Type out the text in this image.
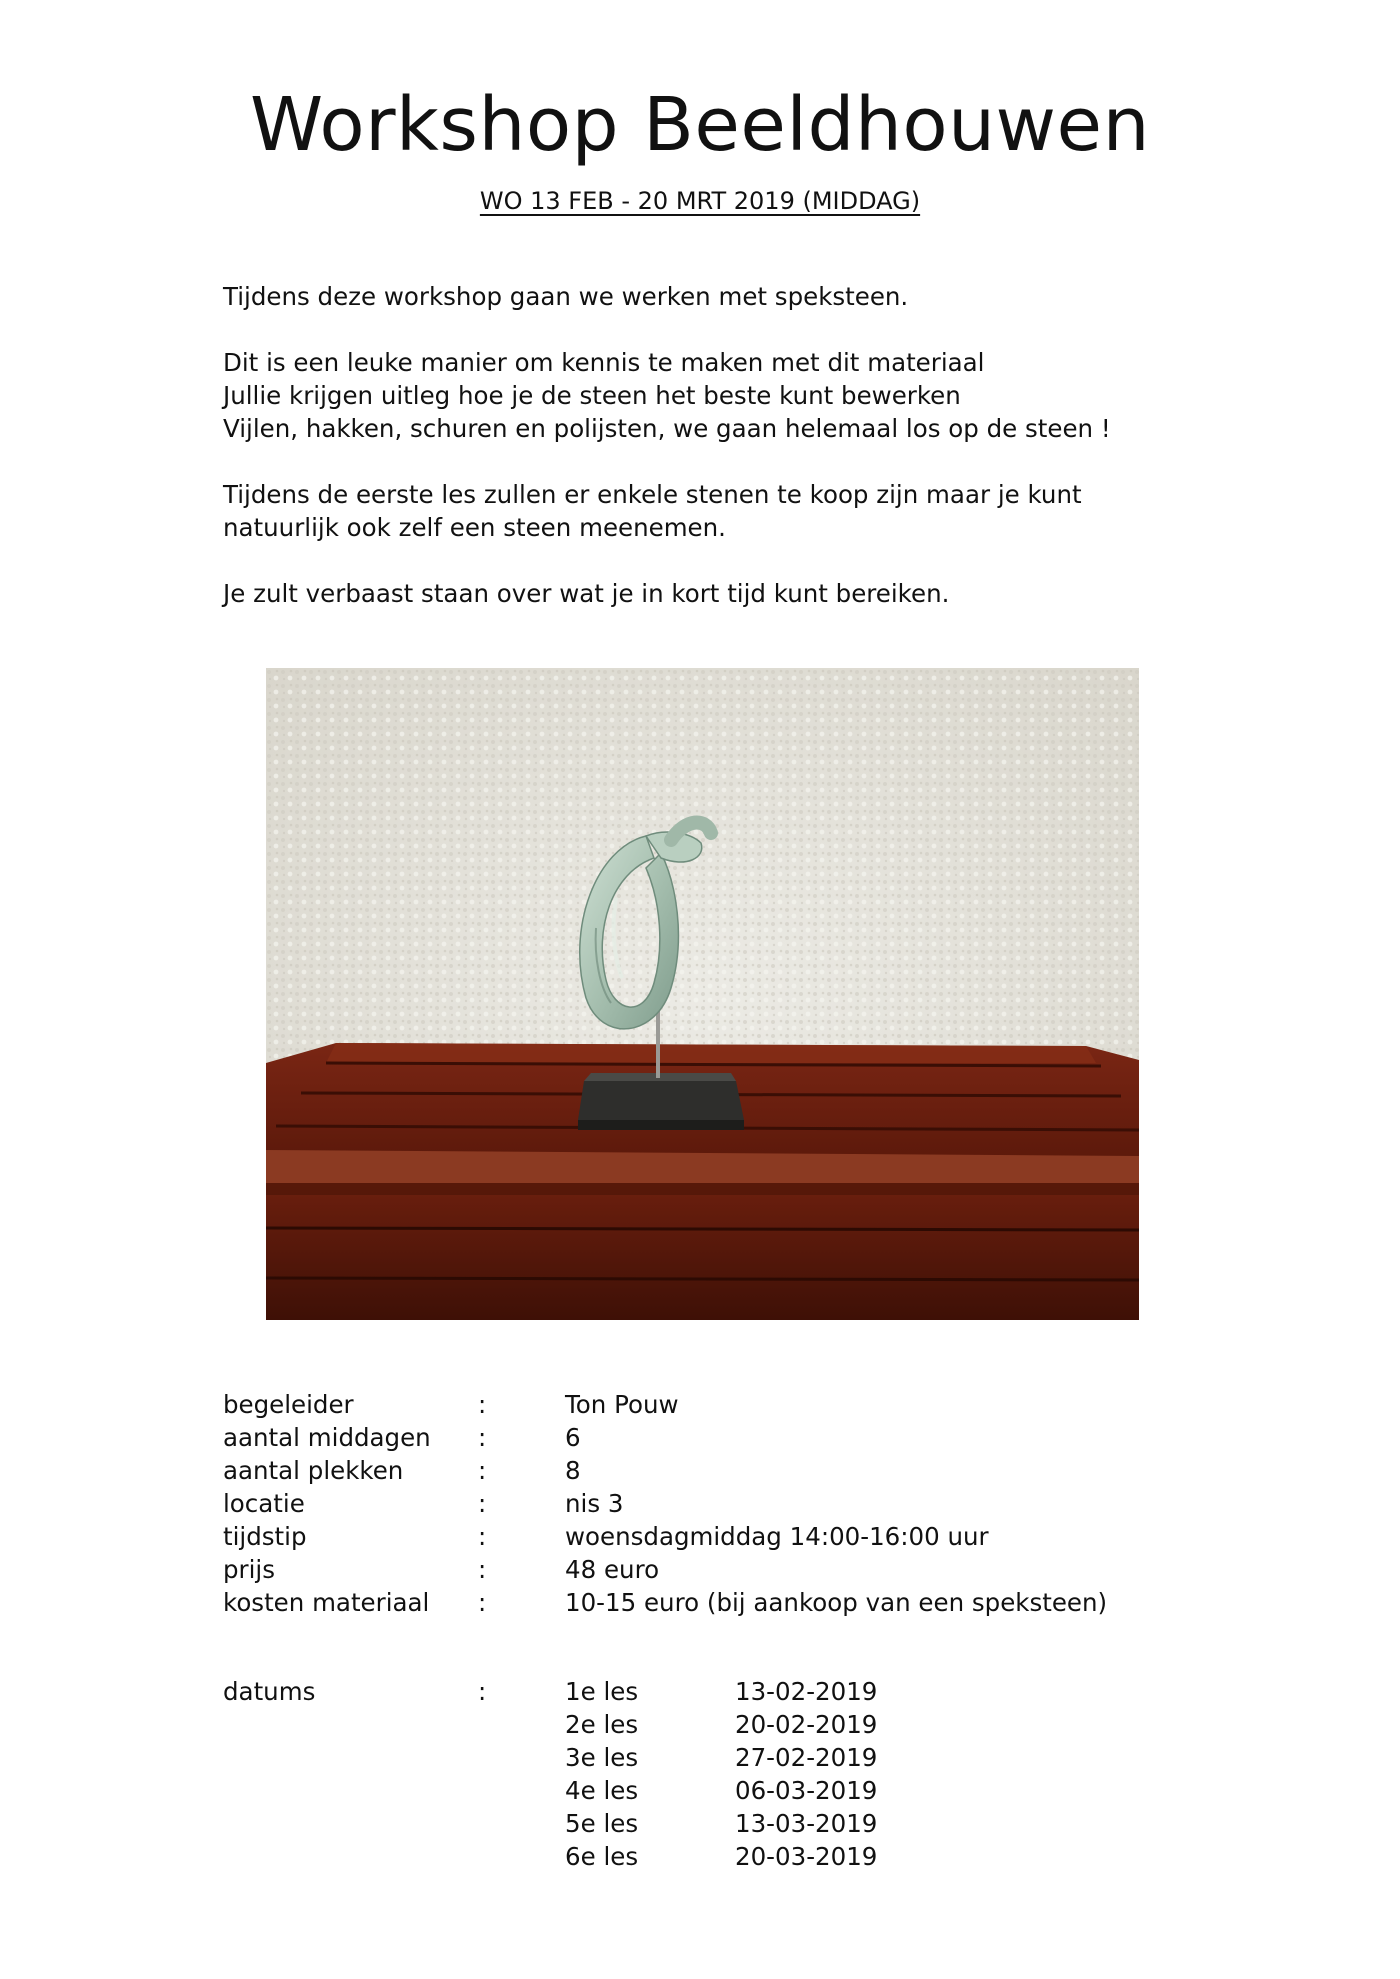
Workshop Beeldhouwen
WO 13 FEB - 20 MRT 2019 (MIDDAG)

Tijdens deze workshop gaan we werken met speksteen.

Dit is een leuke manier om kennis te maken met dit materiaal
Jullie krijgen uitleg hoe je de steen het beste kunt bewerken
Vijlen, hakken, schuren en polijsten, we gaan helemaal los op de steen !

Tijdens de eerste les zullen er enkele stenen te koop zijn maar je kunt
natuurlijk ook zelf een steen meenemen.

Je zult verbaast staan over wat je in kort tijd kunt bereiken.

begeleider	:	Ton Pouw
aantal middagen :	6
aantal plekken	:	8
locatie	:	nis 3
tijdstip	:	woensdagmiddag 14:00-16:00 uur
prijs	:	48 euro
kosten materiaal :	10-15 euro (bij aankoop van een speksteen)
datums	:	1e les	13-02-2019
2e les	20-02-2019
3e les	27-02-2019
4e les	06-03-2019
5e les	13-03-2019
6e les	20-03-2019
